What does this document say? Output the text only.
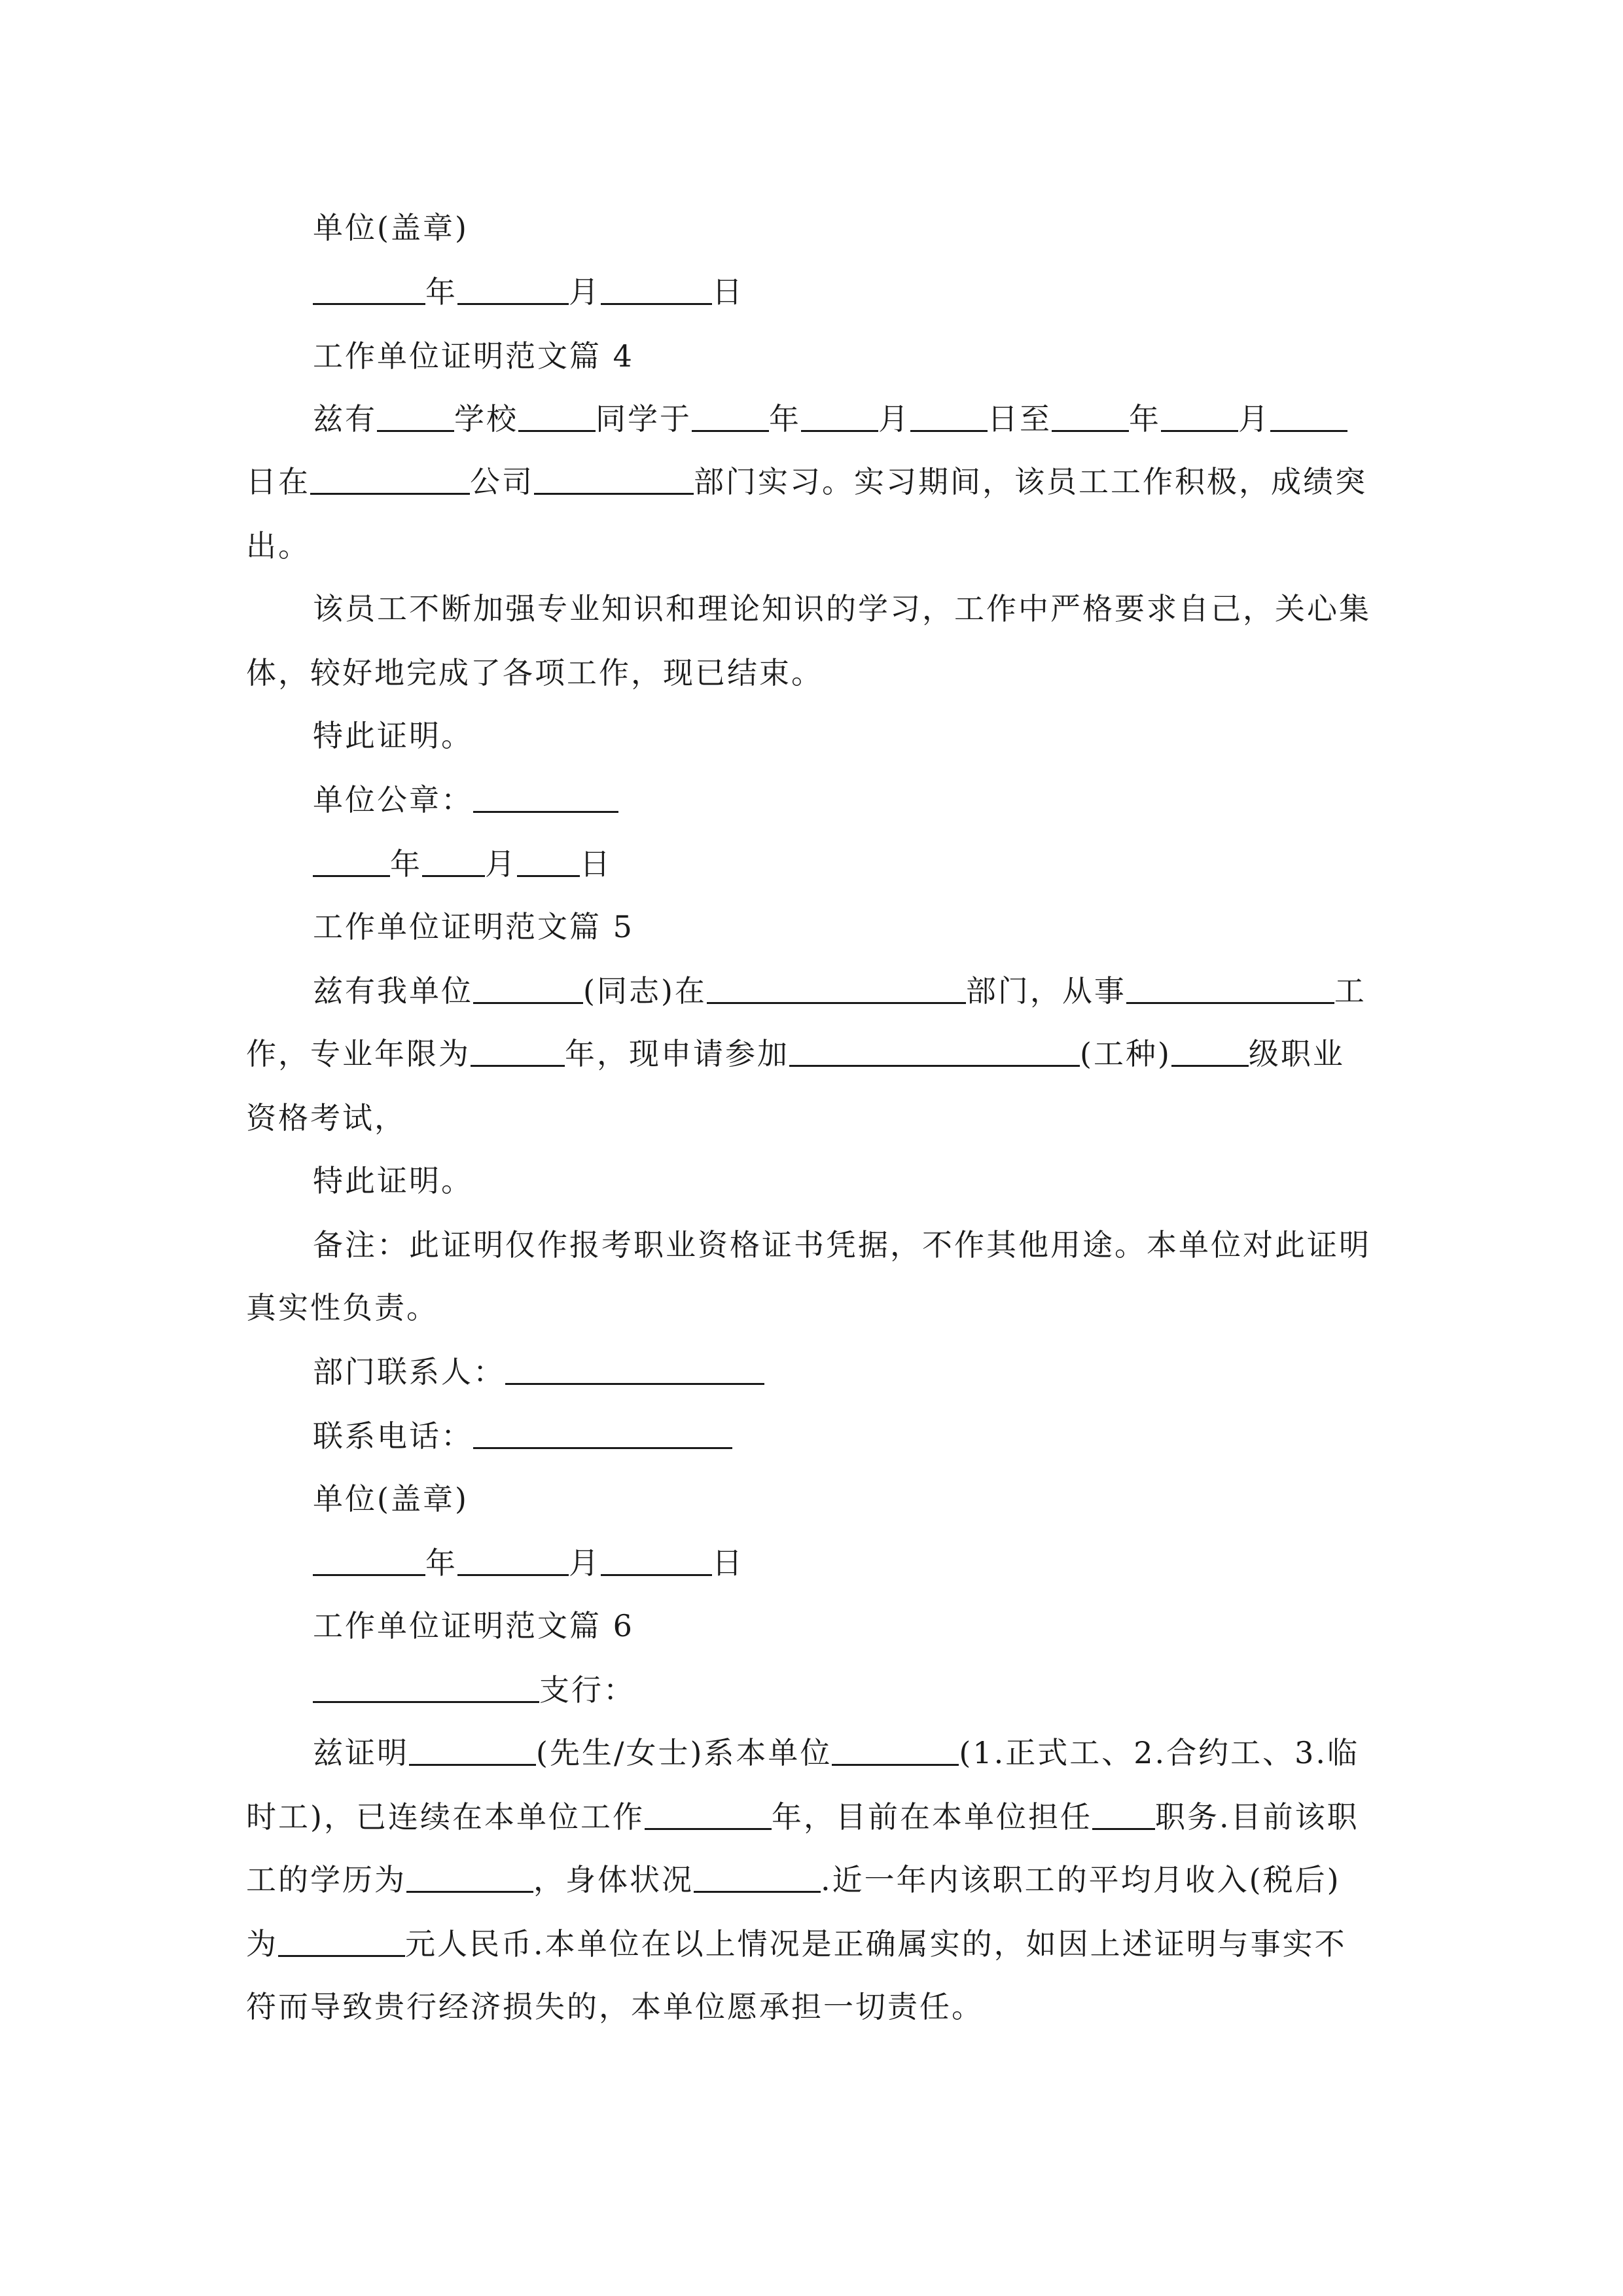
单位(盖章)
年	月	日
工作单位证明范文篇 4
兹有	学校	同学于	年	月	日至	年	月
日在	公司	部门实习。实习期间，该员工工作积极，成绩突
出。
该员工不断加强专业知识和理论知识的学习，工作中严格要求自己，关心集
体，较好地完成了各项工作，现已结束。
特此证明。
单位公章：
年 月 日
工作单位证明范文篇 5
兹有我单位	(同志)在	部门，从事	工
作，专业年限为	年，现申请参加	(工种)	级职业
资格考试，
特此证明。
备注：此证明仅作报考职业资格证书凭据，不作其他用途。本单位对此证明
真实性负责。
部门联系人：
联系电话：
单位(盖章)
年	月	日
工作单位证明范文篇 6
支行：
兹证明	(先生/女士)系本单位	(1.正式工、2.合约工、3.临
时工)，已连续在本单位工作	年，目前在本单位担任 职务.目前该职
工的学历为	，身体状况	.近一年内该职工的平均月收入(税后)
为	元人民币.本单位在以上情况是正确属实的，如因上述证明与事实不
符而导致贵行经济损失的，本单位愿承担一切责任。
